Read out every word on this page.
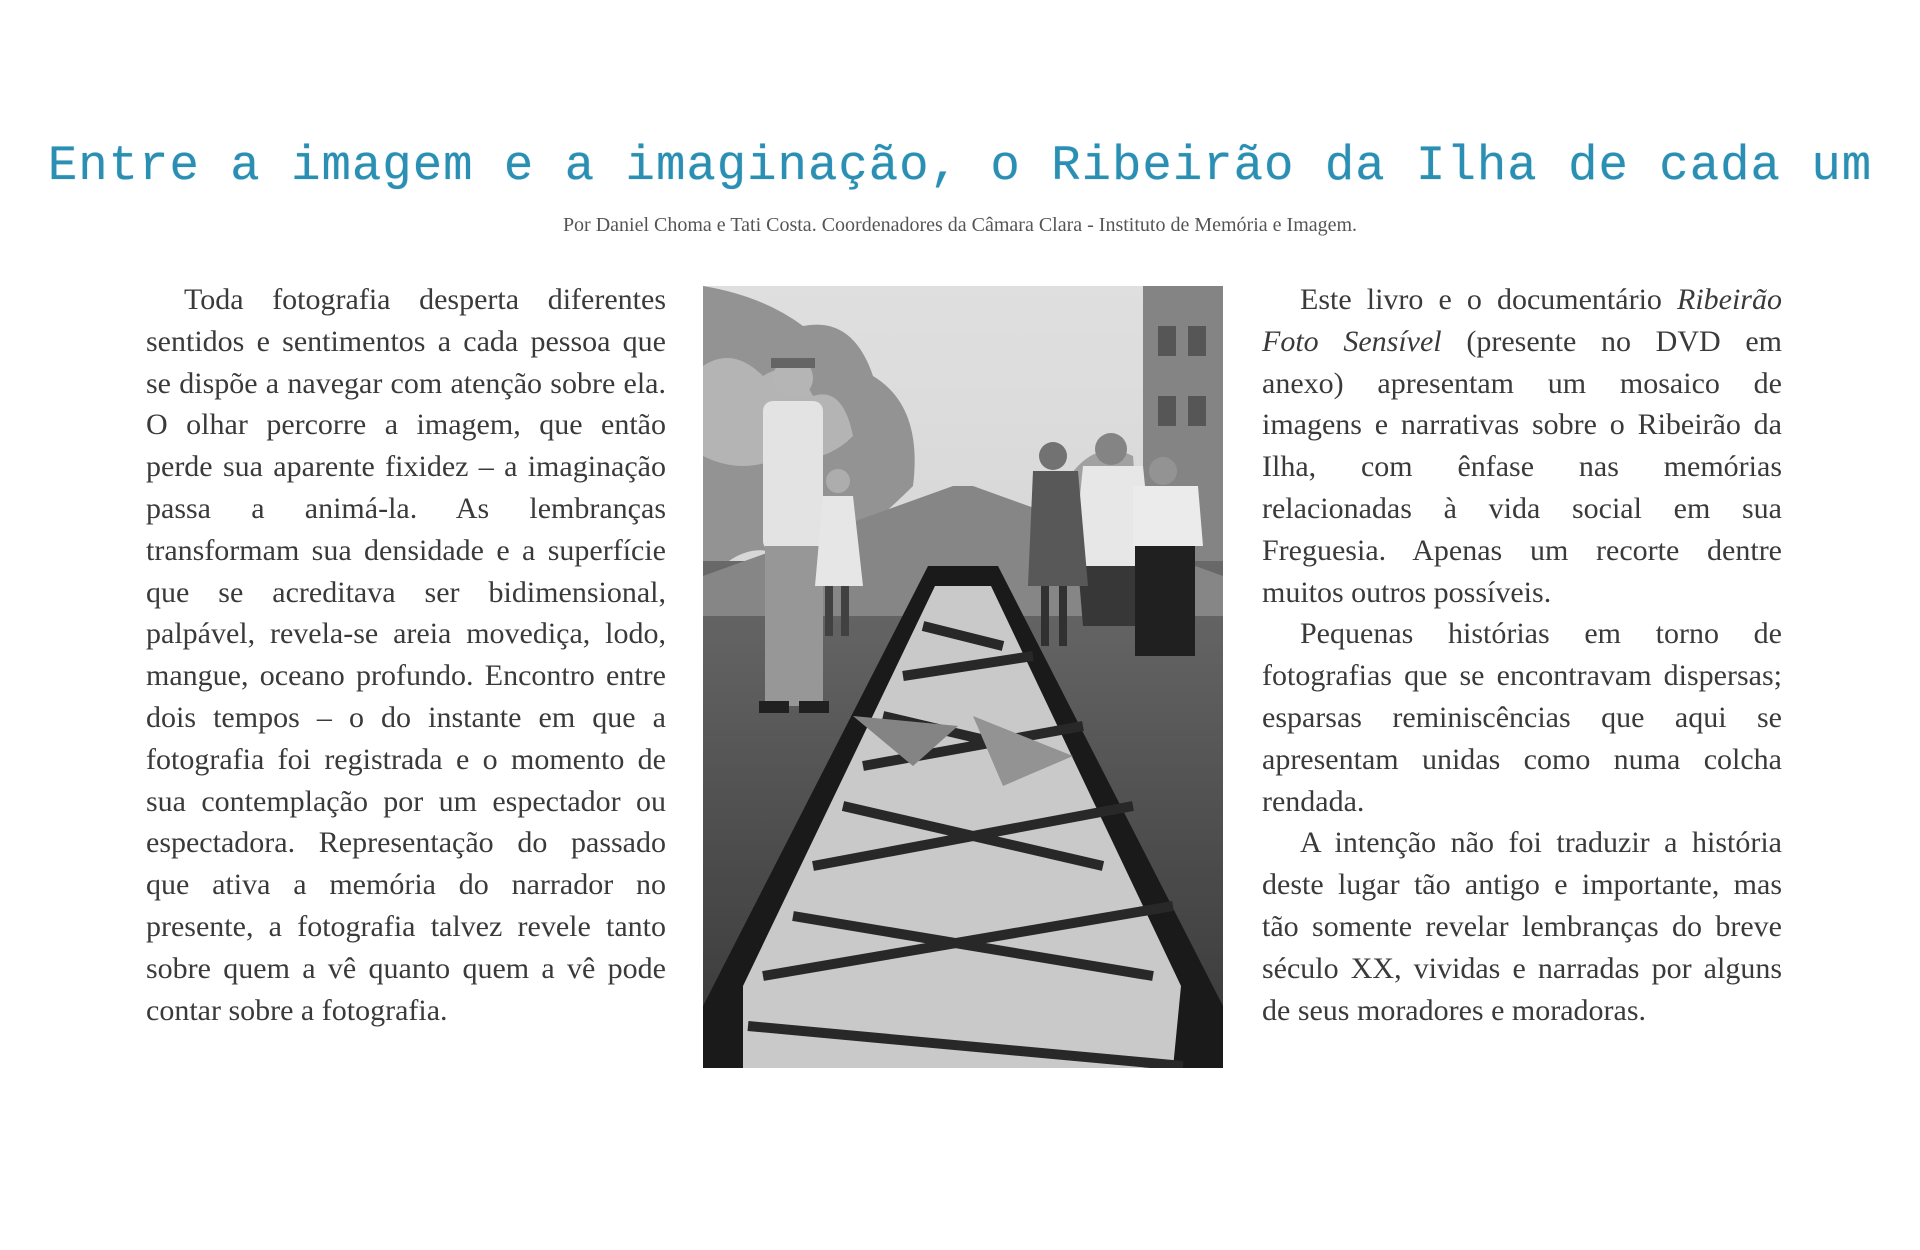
Entre a imagem e a imaginação, o Ribeirão da Ilha de cada um
Por Daniel Choma e Tati Costa. Coordenadores da Câmara Clara - Instituto de Memória e Imagem.

Toda fotografia desperta diferentes sentidos e sentimentos a cada pessoa que se dispõe a navegar com atenção sobre ela. O olhar percorre a imagem, que então perde sua aparente fixidez – a imaginação passa a animá-la. As lembranças transformam sua densidade e a superfície que se acreditava ser bidimensional, palpável, revela-se areia movediça, lodo, mangue, oceano profundo. Encontro entre dois tempos – o do instante em que a fotografia foi registrada e o momento de sua contemplação por um espectador ou espectadora. Representação do passado que ativa a memória do narrador no presente, a fotografia talvez revele tanto sobre quem a vê quanto quem a vê pode contar sobre a fotografia.

Este livro e o documentário Ribeirão Foto Sensível (presente no DVD em anexo) apresentam um mosaico de imagens e narrativas sobre o Ribeirão da Ilha, com ênfase nas memórias relacionadas à vida social em sua Freguesia. Apenas um recorte dentre muitos outros possíveis.

Pequenas histórias em torno de fotografias que se encontravam dispersas; esparsas reminiscências que aqui se apresentam unidas como numa colcha rendada.

A intenção não foi traduzir a história deste lugar tão antigo e importante, mas tão somente revelar lembranças do breve século XX, vividas e narradas por alguns de seus moradores e moradoras.
